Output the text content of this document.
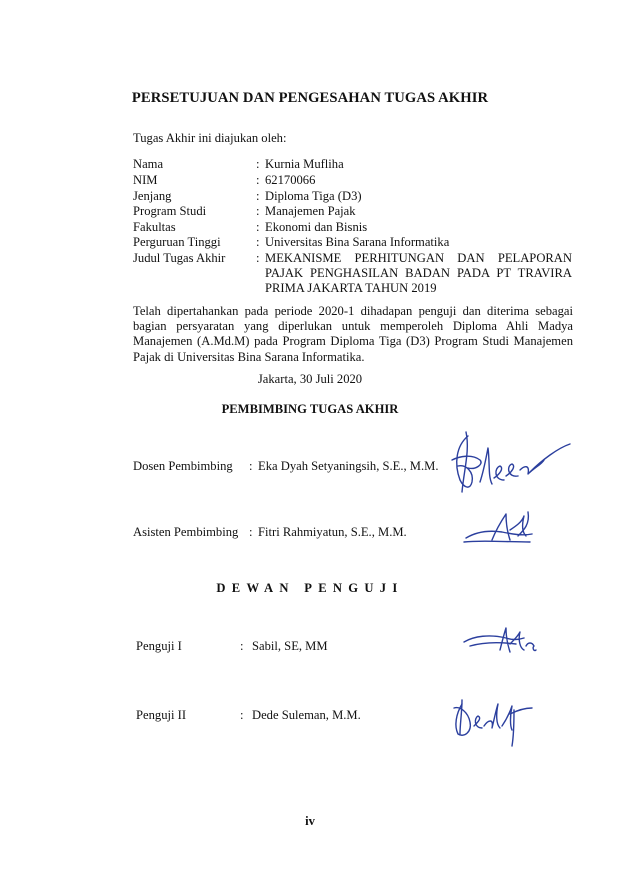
PERSETUJUAN DAN PENGESAHAN TUGAS AKHIR
Tugas Akhir ini diajukan oleh:
Nama	: Kurnia Mufliha
NIM	: 62170066
Jenjang	: Diploma Tiga (D3)
Program Studi	: Manajemen Pajak
Fakultas	: Ekonomi dan Bisnis
Perguruan Tinggi	: Universitas Bina Sarana Informatika
Judul Tugas Akhir : MEKANISME PERHITUNGAN DAN PELAPORAN PAJAK PENGHASILAN BADAN PADA PT TRAVIRA PRIMA JAKARTA TAHUN 2019
Telah dipertahankan pada periode 2020-1 dihadapan penguji dan diterima sebagai bagian persyaratan yang diperlukan untuk memperoleh Diploma Ahli Madya Manajemen (A.Md.M) pada Program Diploma Tiga (D3) Program Studi Manajemen Pajak di Universitas Bina Sarana Informatika.
Jakarta, 30 Juli 2020
PEMBIMBING TUGAS AKHIR
Dosen Pembimbing : Eka Dyah Setyaningsih, S.E., M.M.
Asisten Pembimbing : Fitri Rahmiyatun, S.E., M.M.
DEWAN PENGUJI
Penguji I	: Sabil, SE, MM
Penguji II	: Dede Suleman, M.M.
iv
